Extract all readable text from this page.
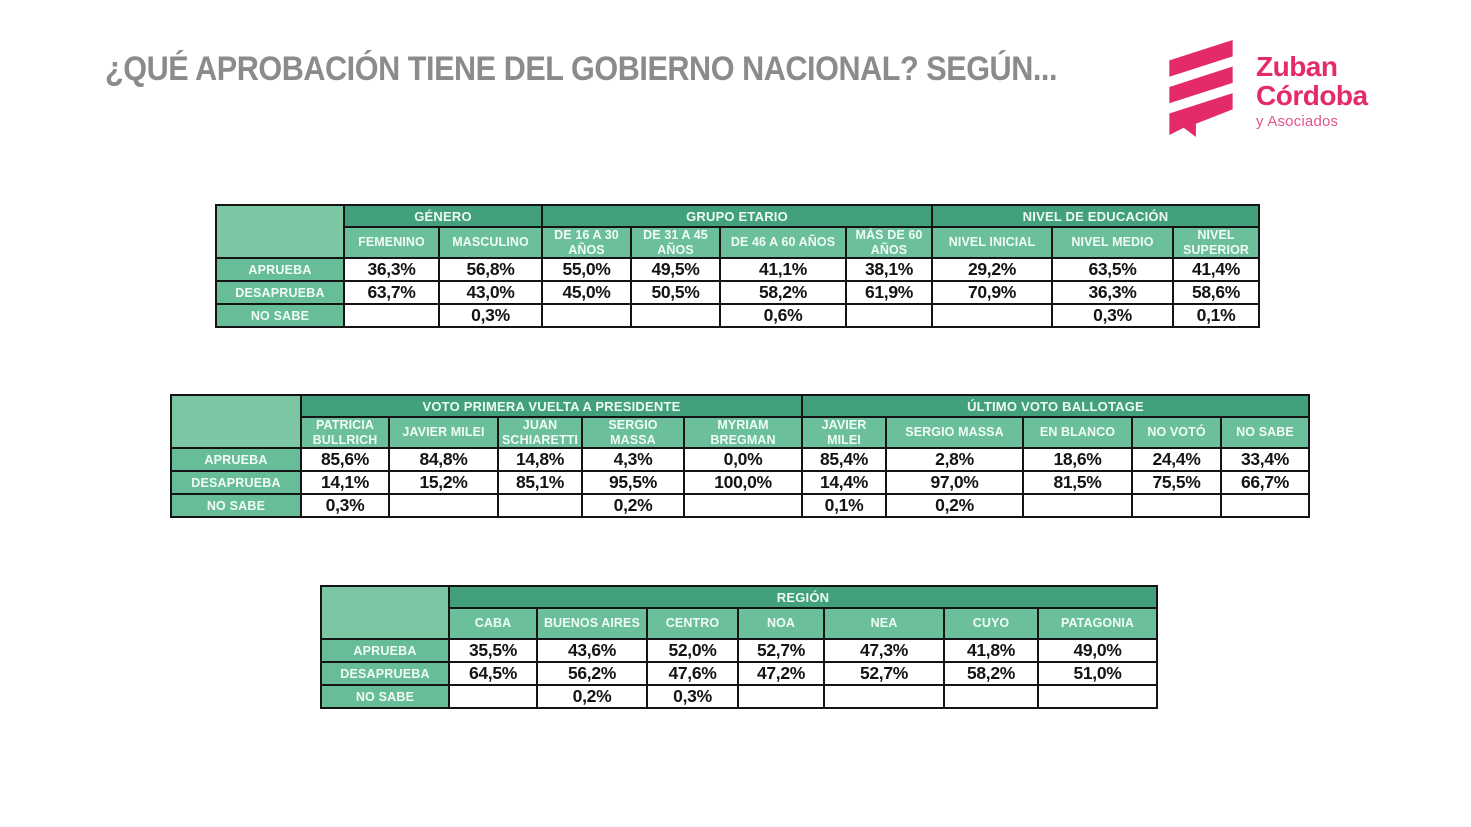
¿QUÉ APROBACIÓN TIENE DEL GOBIERNO NACIONAL? SEGÚN...	Zuban
Córdoba
y Asociados
	GÉNERO		GRUPO ETARIO				NIVEL DE EDUCACIÓN		
	FEMENINO	MASCULINO	DE 16 A 30 AÑOS	DE 31 A 45 AÑOS	DE 46 A 60 AÑOS	MÁS DE 60 AÑOS	NIVEL INICIAL	NIVEL MEDIO	NIVEL SUPERIOR
APRUEBA	36,3%	56,8%	55,0%	49,5%	41,1%	38,1%	29,2%	63,5%	41,4%
DESAPRUEBA	63,7%	43,0%	45,0%	50,5%	58,2%	61,9%	70,9%	36,3%	58,6%
NO SABE		0,3%			0,6%			0,3%	0,1%
	VOTO PRIMERA VUELTA A PRESIDENTE					ÚLTIMO VOTO BALLOTAGE				
	PATRICIA BULLRICH	JAVIER MILEI	JUAN SCHIARETTI	SERGIO MASSA	MYRIAM BREGMAN	JAVIER MILEI	SERGIO MASSA	EN BLANCO	NO VOTÓ	NO SABE
APRUEBA	85,6%	84,8%	14,8%	4,3%	0,0%	85,4%	2,8%	18,6%	24,4%	33,4%
DESAPRUEBA	14,1%	15,2%	85,1%	95,5%	100,0%	14,4%	97,0%	81,5%	75,5%	66,7%
NO SABE	0,3%			0,2%		0,1%	0,2%			
	REGIÓN						
	CABA	BUENOS AIRES	CENTRO	NOA	NEA	CUYO	PATAGONIA
APRUEBA	35,5%	43,6%	52,0%	52,7%	47,3%	41,8%	49,0%
DESAPRUEBA	64,5%	56,2%	47,6%	47,2%	52,7%	58,2%	51,0%
NO SABE		0,2%	0,3%				
